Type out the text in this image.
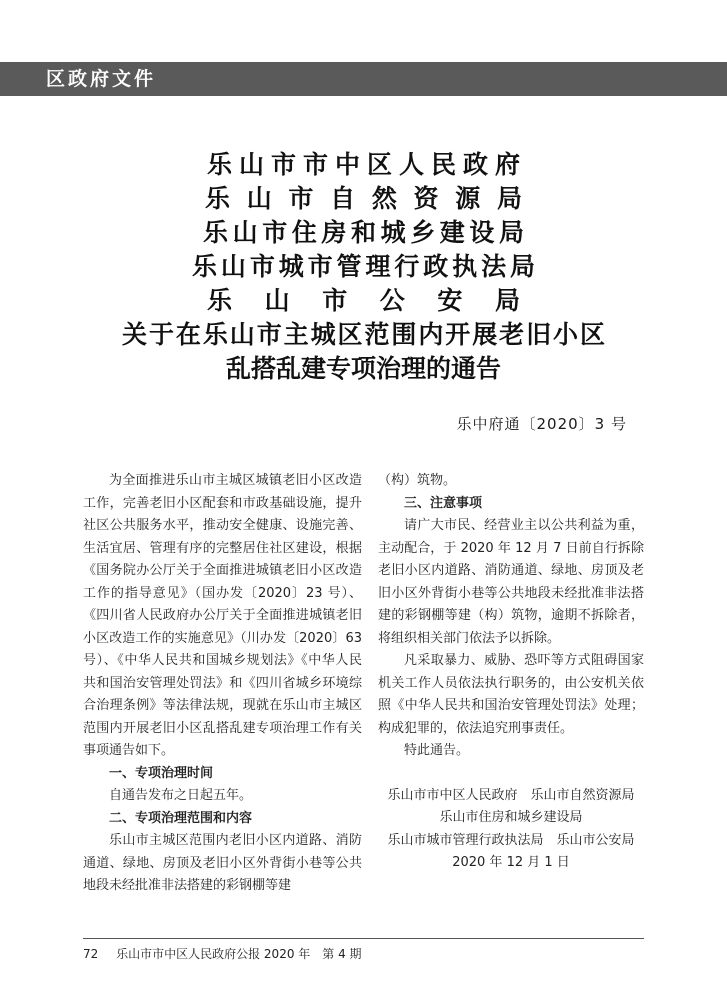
区政府文件
乐山市市中区人民政府
乐山市自然资源局
乐山市住房和城乡建设局
乐山市城市管理行政执法局
乐山市公安局
关于在乐山市主城区范围内开展老旧小区
乱搭乱建专项治理的通告
乐中府通〔2020〕3 号

为全面推进乐山市主城区城镇老旧小区改造工作，完善老旧小区配套和市政基础设施，提升社区公共服务水平，推动安全健康、设施完善、生活宜居、管理有序的完整居住社区建设，根据《国务院办公厅关于全面推进城镇老旧小区改造工作的指导意见》（国办发〔2020〕23 号）、《四川省人民政府办公厅关于全面推进城镇老旧小区改造工作的实施意见》（川办发〔2020〕63 号）、《中华人民共和国城乡规划法》《中华人民共和国治安管理处罚法》和《四川省城乡环境综合治理条例》等法律法规，现就在乐山市主城区范围内开展老旧小区乱搭乱建专项治理工作有关事项通告如下。

一、专项治理时间

自通告发布之日起五年。

二、专项治理范围和内容

乐山市主城区范围内老旧小区内道路、消防通道、绿地、房顶及老旧小区外背街小巷等公共地段未经批准非法搭建的彩钢棚等建

（构）筑物。

三、注意事项

请广大市民、经营业主以公共利益为重，主动配合，于 2020 年 12 月 7 日前自行拆除老旧小区内道路、消防通道、绿地、房顶及老旧小区外背街小巷等公共地段未经批准非法搭建的彩钢棚等建（构）筑物，逾期不拆除者，将组织相关部门依法予以拆除。

凡采取暴力、威胁、恐吓等方式阻碍国家机关工作人员依法执行职务的，由公安机关依照《中华人民共和国治安管理处罚法》处理；构成犯罪的，依法追究刑事责任。

特此通告。

乐山市市中区人民政府　乐山市自然资源局
乐山市住房和城乡建设局
乐山市城市管理行政执法局　乐山市公安局
2020 年 12 月 1 日

72 乐山市市中区人民政府公报 2020 年　第 4 期
